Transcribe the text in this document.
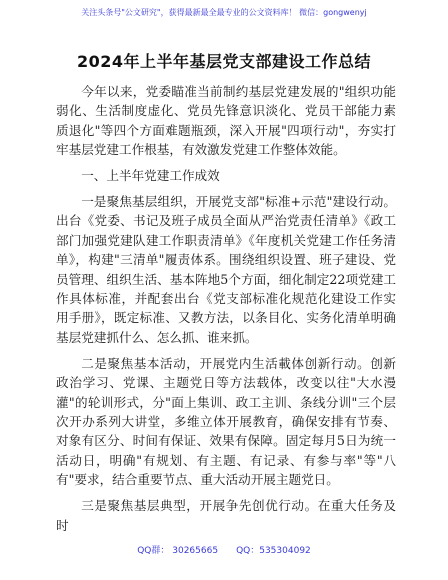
关注头条号"公文研究"，获得最新最全最专业的公文资料库！ 微信：gongwenyj
2024年上半年基层党支部建设工作总结

今年以来，党委瞄准当前制约基层党建发展的"组织功能弱化、生活制度虚化、党员先锋意识淡化、党员干部能力素质退化"等四个方面难题瓶颈，深入开展"四项行动"，夯实打牢基层党建工作根基，有效激发党建工作整体效能。

一、上半年党建工作成效

一是聚焦基层组织，开展党支部"标准+示范"建设行动。出台《党委、书记及班子成员全面从严治党责任清单》《政工部门加强党建队建工作职责清单》《年度机关党建工作任务清单》，构建"三清单"履责体系。围绕组织设置、班子建设、党员管理、组织生活、基本阵地5个方面，细化制定22项党建工作具体标准，并配套出台《党支部标准化规范化建设工作实用手册》，既定标准、又教方法，以条目化、实务化清单明确基层党建抓什么、怎么抓、谁来抓。

二是聚焦基本活动，开展党内生活載体创新行动。创新政治学习、党课、主题党日等方法载体，改变以往"大水漫灌"的轮训形式，分"面上集训、政工主训、条线分训"三个层次开办系列大讲堂，多维立体开展教育，确保安排有节奏、对象有区分、时间有保证、效果有保障。固定每月5日为统一活动日，明确"有规划、有主题、有记录、有参与率"等"八有"要求，结合重要节点、重大活动开展主题党日。

三是聚焦基层典型，开展争先创优行动。在重大任务及时

QQ群： 30265665 QQ：535304092
